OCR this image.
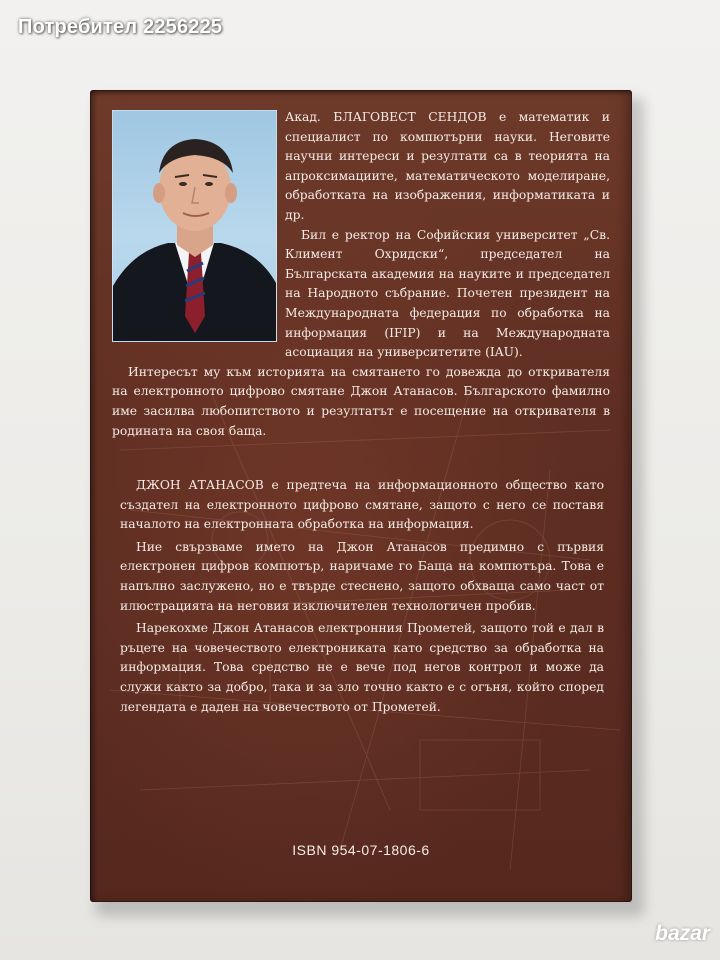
Потребител 2256225

Акад. БЛАГОВЕСТ СЕНДОВ е математик и специалист по компютърни науки. Неговите научни интереси и резултати са в теорията на апроксимациите, математическото моделиране, обработката на изображения, информатиката и др.

Бил е ректор на Софийския университет „Св. Климент Охридски“, председател на Българската академия на науките и председател на Народното събрание. Почетен президент на Международната федерация по обработка на информация (IFIP) и на Международната асоциация на университетите (IAU).

Интересът му към историята на смятането го довежда до откривателя на електронното цифрово смятане Джон Атанасов. Българското фамилно име засилва любопитството и резултатът е посещение на откривателя в родината на своя баща.

ДЖОН АТАНАСОВ е предтеча на информационното общество като създател на електронното цифрово смятане, защото с него се поставя началото на електронната обработка на информация.

Ние свързваме името на Джон Атанасов предимно с първия електронен цифров компютър, наричаме го Баща на компютъра. Това е напълно заслужено, но е твърде стеснено, защото обхваща само част от илюстрацията на неговия изключителен технологичен пробив.

Нарекохме Джон Атанасов електронния Прометей, защото той е дал в ръцете на човечеството електрониката като средство за обработка на информация. Това средство не е вече под негов контрол и може да служи както за добро, така и за зло точно както е с огъня, който според легендата е даден на човечеството от Прометей.

ISBN 954-07-1806-6
bazar
